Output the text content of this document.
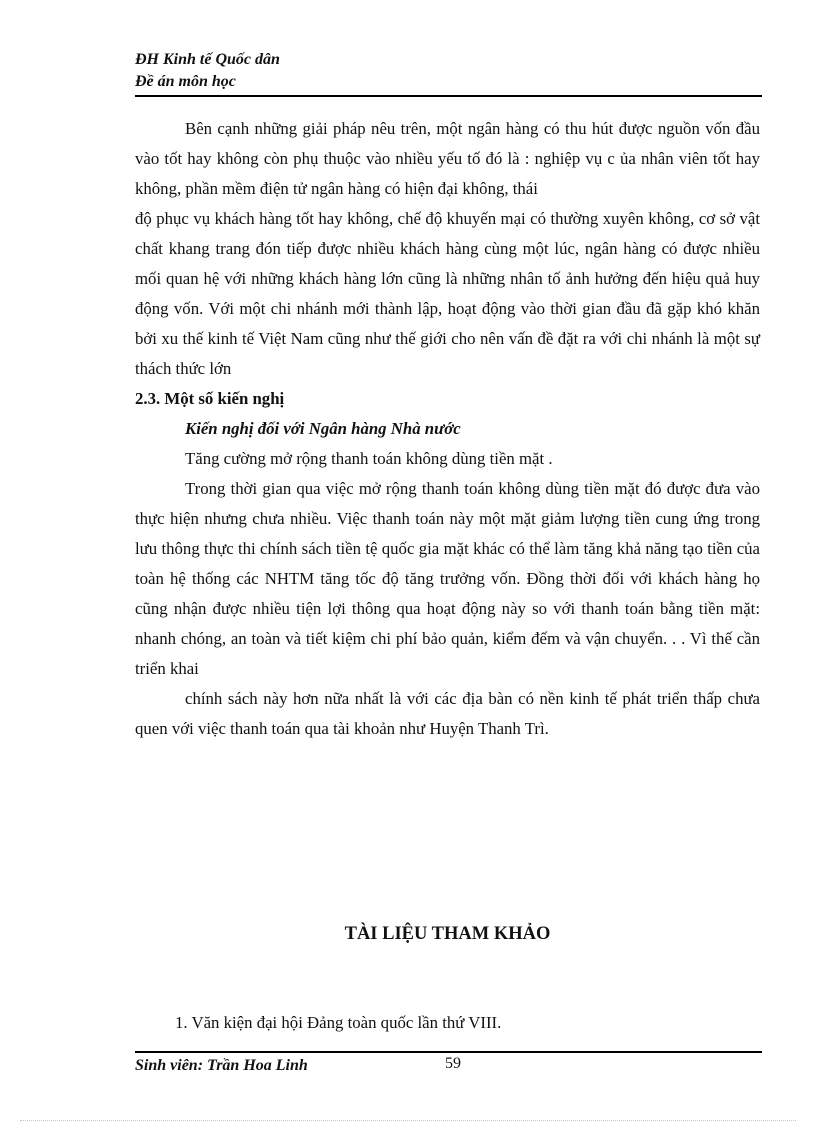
ĐH Kinh tế Quốc dân
Đề án môn học

Bên cạnh những giải pháp nêu trên, một ngân hàng có thu hút được nguồn vốn đầu vào tốt hay không còn phụ thuộc vào nhiều yếu tố đó là : nghiệp vụ c ủa nhân viên tốt hay không, phần mềm điện tử ngân hàng có hiện đại không, thái

độ phục vụ khách hàng tốt hay không, chế độ khuyến mại có thường xuyên không, cơ sở vật chất khang trang đón tiếp được nhiều khách hàng cùng một lúc, ngân hàng có được nhiều mối quan hệ với những khách hàng lớn cũng là những nhân tố ảnh hưởng đến hiệu quả huy động vốn. Với một chi nhánh mới thành lập, hoạt động vào thời gian đầu đã gặp khó khăn bởi xu thế kinh tế Việt Nam cũng như thế giới cho nên vấn đề đặt ra với chi nhánh là một sự thách thức lớn

2.3. Một số kiến nghị

Kiến nghị đối với Ngân hàng Nhà nước

Tăng cường mở rộng thanh toán không dùng tiền mặt .

Trong thời gian qua việc mở rộng thanh toán không dùng tiền mặt đó được đưa vào thực hiện nhưng chưa nhiều. Việc thanh toán này một mặt giảm lượng tiền cung ứng trong lưu thông thực thi chính sách tiền tệ quốc gia mặt khác có thể làm tăng khả năng tạo tiền của toàn hệ thống các NHTM tăng tốc độ tăng trưởng vốn. Đồng thời đối với khách hàng họ cũng nhận được nhiều tiện lợi thông qua hoạt động này so với thanh toán bằng tiền mặt: nhanh chóng, an toàn và tiết kiệm chi phí bảo quản, kiểm đếm và vận chuyển. . . Vì thế cần triển khai

chính sách này hơn nữa nhất là với các địa bàn có nền kinh tế phát triển thấp chưa quen với việc thanh toán qua tài khoản như Huyện Thanh Trì.

TÀI LIỆU THAM KHẢO
1. Văn kiện đại hội Đảng toàn quốc lần thứ VIII.
Sinh viên: Trần Hoa Linh	59
